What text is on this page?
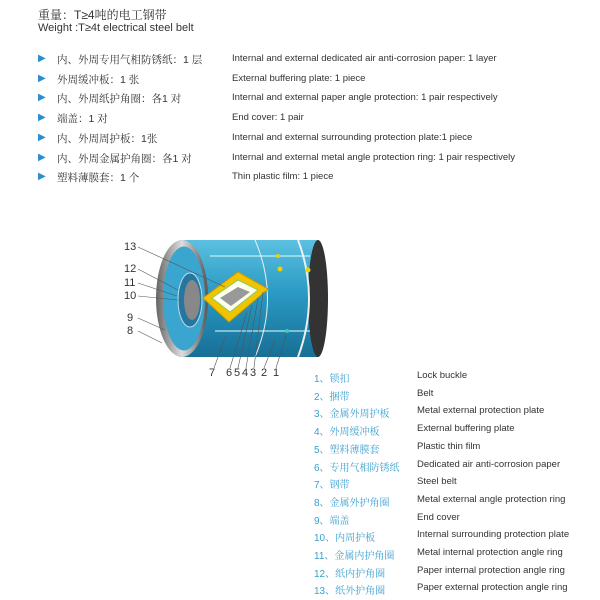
重量：T≥4吨的电工钢带
Weight :T≥4t electrical steel belt
▶ 内、外周专用气相防锈纸：1 层	Internal and external dedicated air anti-corrosion paper: 1 layer
▶ 外周缓冲板：1 张	External buffering plate: 1 piece
▶ 内、外周纸护角圈：各1 对	Internal and external paper angle protection: 1 pair respectively
▶ 端盖：1 对	End cover: 1 pair
▶ 内、外周周护板：1张	Internal and external surrounding protection plate:1 piece
▶ 内、外周金属护角圈：各1 对	Internal and external metal angle protection ring: 1 pair respectively
▶ 塑料薄膜套：1 个	Thin plastic film: 1 piece
13
12
11
10
9
8
7 6 5 4 3 2 1
1、锁扣	Lock buckle
2、捆带	Belt
3、金属外周护板	Metal external protection plate
4、外周缓冲板	External buffering plate
5、塑料薄膜套	Plastic thin film
6、专用气相防锈纸 Dedicated air anti-corrosion paper
7、钢带	Steel belt
8、金属外护角圈	Metal external angle protection ring
9、端盖	End cover
10、内周护板	Internal surrounding protection plate
11、金属内护角圈 Metal internal protection angle ring
12、纸内护角圈	Paper internal protection angle ring
13、纸外护角圈	Paper external protection angle ring
